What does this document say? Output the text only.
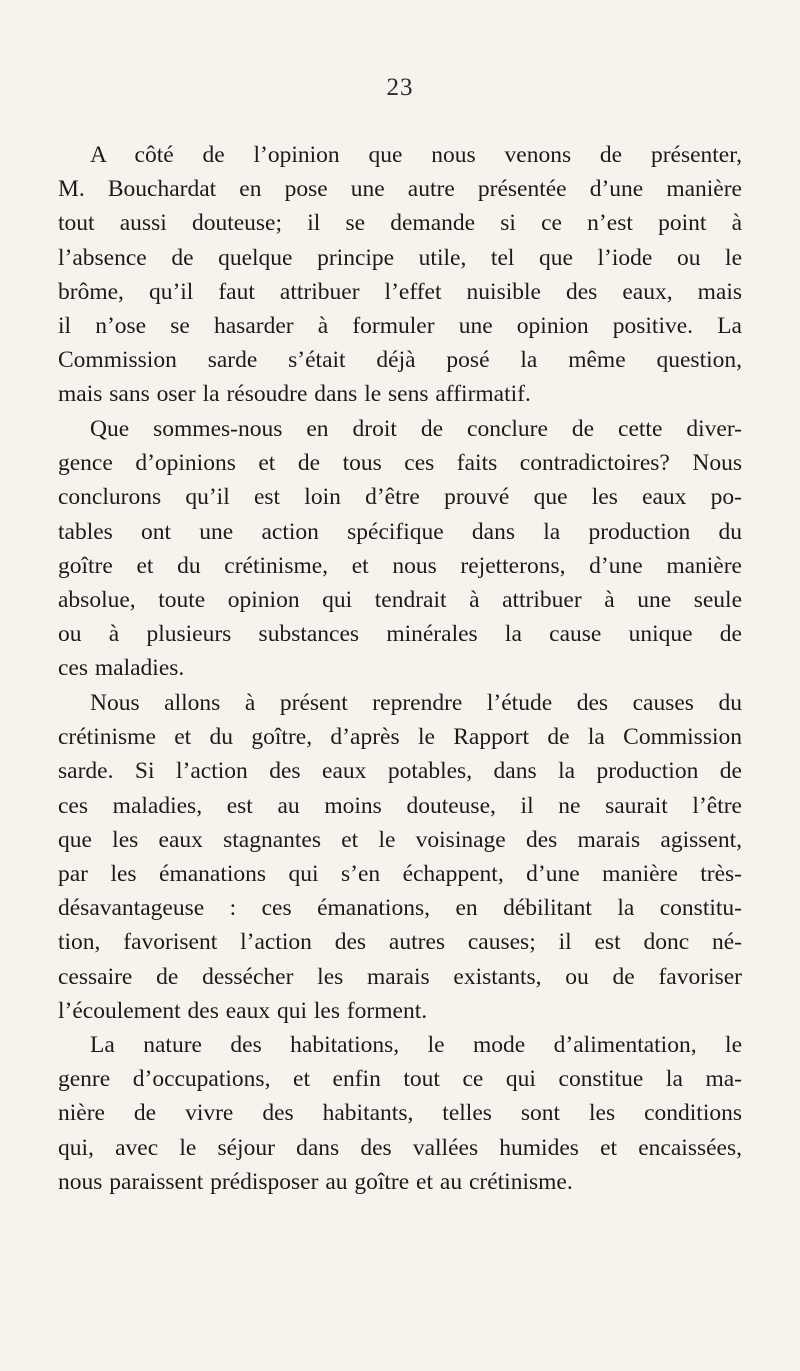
23
A côté de l’opinion que nous venons de présenter,
M. Bouchardat en pose une autre présentée d’une manière
tout aussi douteuse; il se demande si ce n’est point à
l’absence de quelque principe utile, tel que l’iode ou le
brôme, qu’il faut attribuer l’effet nuisible des eaux, mais
il n’ose se hasarder à formuler une opinion positive. La
Commission sarde s’était déjà posé la même question,
mais sans oser la résoudre dans le sens affirmatif.
Que sommes-nous en droit de conclure de cette diver-
gence d’opinions et de tous ces faits contradictoires? Nous
conclurons qu’il est loin d’être prouvé que les eaux po-
tables ont une action spécifique dans la production du
goître et du crétinisme, et nous rejetterons, d’une manière
absolue, toute opinion qui tendrait à attribuer à une seule
ou à plusieurs substances minérales la cause unique de
ces maladies.
Nous allons à présent reprendre l’étude des causes du
crétinisme et du goître, d’après le Rapport de la Commission
sarde. Si l’action des eaux potables, dans la production de
ces maladies, est au moins douteuse, il ne saurait l’être
que les eaux stagnantes et le voisinage des marais agissent,
par les émanations qui s’en échappent, d’une manière très-
désavantageuse : ces émanations, en débilitant la constitu-
tion, favorisent l’action des autres causes; il est donc né-
cessaire de dessécher les marais existants, ou de favoriser
l’écoulement des eaux qui les forment.
La nature des habitations, le mode d’alimentation, le
genre d’occupations, et enfin tout ce qui constitue la ma-
nière de vivre des habitants, telles sont les conditions
qui, avec le séjour dans des vallées humides et encaissées,
nous paraissent prédisposer au goître et au crétinisme.
